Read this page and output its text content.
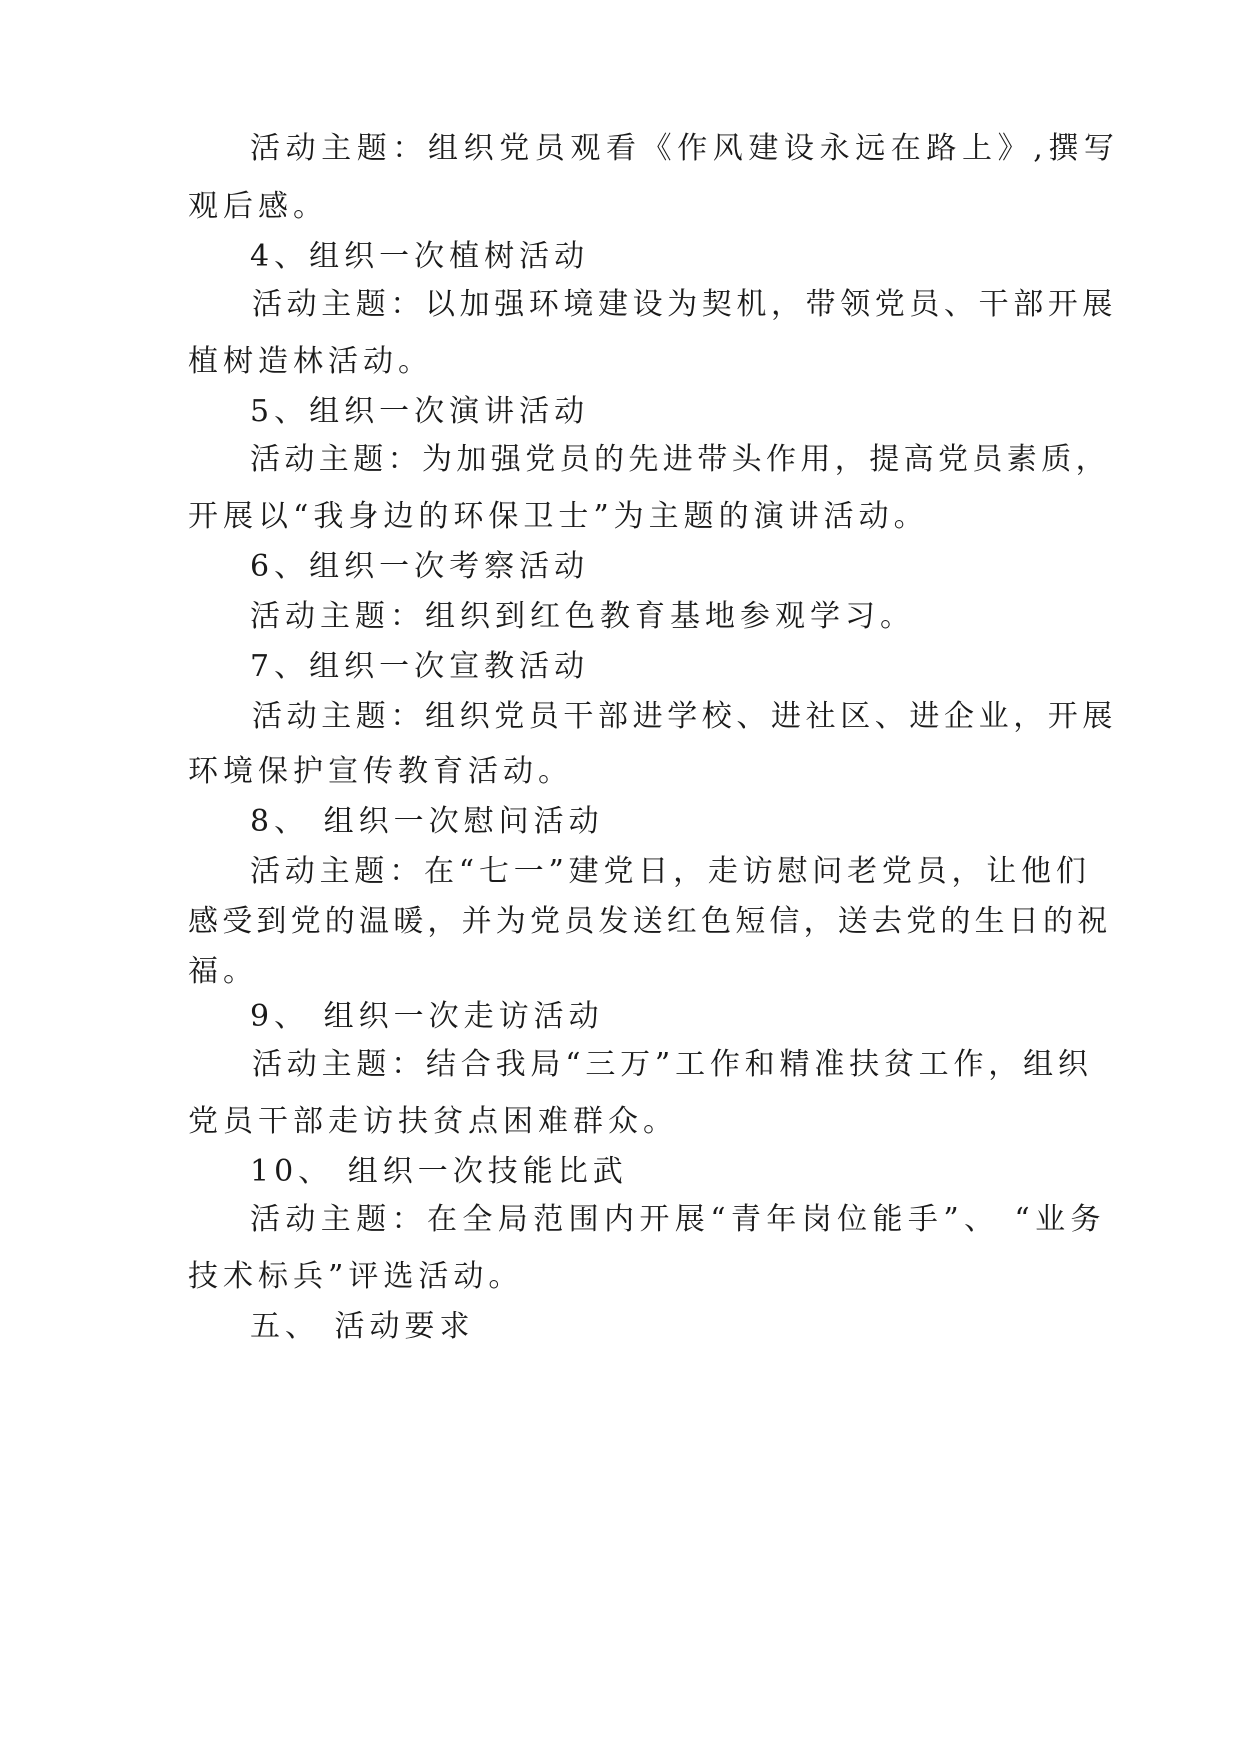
活动主题：组织党员观看《作风建设永远在路上》,撰写
观后感。
4、组织一次植树活动
活动主题：以加强环境建设为契机，带领党员、干部开展
植树造林活动。
5、组织一次演讲活动
活动主题：为加强党员的先进带头作用，提高党员素质，
开展以“我身边的环保卫士”为主题的演讲活动。
6、组织一次考察活动
活动主题：组织到红色教育基地参观学习。
7、组织一次宣教活动
活动主题：组织党员干部进学校、进社区、进企业，开展
环境保护宣传教育活动。
8、 组织一次慰问活动
活动主题：在“七一”建党日，走访慰问老党员，让他们
感受到党的温暖，并为党员发送红色短信，送去党的生日的祝
福。
9、 组织一次走访活动
活动主题：结合我局“三万”工作和精准扶贫工作，组织
党员干部走访扶贫点困难群众。
10、 组织一次技能比武
活动主题：在全局范围内开展“青年岗位能手”、 “业务
技术标兵”评选活动。
五、 活动要求
